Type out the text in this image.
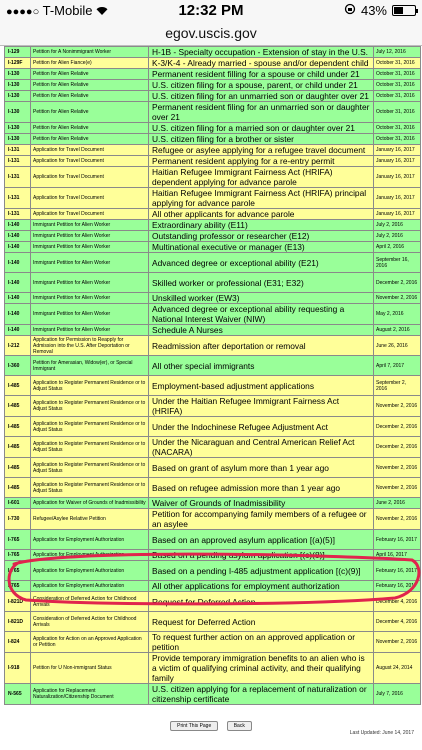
●●●●○ T-Mobile	12:32 PM	43%
egov.uscis.gov
I-129	Petition for A Nonimmigrant Worker	H-1B - Specialty occupation - Extension of stay in the U.S.	July 12, 2016
I-129F	Petition for Alien Fiance(e)	K-3/K-4 - Already married - spouse and/or dependent child	October 31, 2016
I-130	Petition for Alien Relative	Permanent resident filling for a spouse or child under 21	October 31, 2016
I-130	Petition for Alien Relative	U.S. citizen filing for a spouse, parent, or child under 21	October 31, 2016
I-130	Petition for Alien Relative	U.S. citizen filing for an unmarried son or daughter over 21	October 31, 2016
I-130	Petition for Alien Relative	Permanent resident filing for an unmarried son or daughter over 21	October 31, 2016
I-130	Petition for Alien Relative	U.S. citizen filing for a married son or daughter over 21	October 31, 2016
I-130	Petition for Alien Relative	U.S. citizen filing for a brother or sister	October 31, 2016
I-131	Application for Travel Document	Refugee or asylee applying for a refugee travel document	January 16, 2017
I-131	Application for Travel Document	Permanent resident applying for a re-entry permit	January 16, 2017
I-131	Application for Travel Document	Haitian Refugee Immigrant Fairness Act (HRIFA) dependent applying for advance parole	January 16, 2017
I-131	Application for Travel Document	Haitian Refugee Immigrant Fairness Act (HRIFA) principal applying for advance parole	January 16, 2017
I-131	Application for Travel Document	All other applicants for advance parole	January 16, 2017
I-140	Immigrant Petition for Alien Worker	Extraordinary ability (E11)	July 2, 2016
I-140	Immigrant Petition for Alien Worker	Outstanding professor or researcher (E12)	July 2, 2016
I-140	Immigrant Petition for Alien Worker	Multinational executive or manager (E13)	April 2, 2016
I-140	Immigrant Petition for Alien Worker	Advanced degree or exceptional ability (E21)	September 16, 2016
I-140	Immigrant Petition for Alien Worker	Skilled worker or professional (E31; E32)	December 2, 2016
I-140	Immigrant Petition for Alien Worker	Unskilled worker (EW3)	November 2, 2016
I-140	Immigrant Petition for Alien Worker	Advanced degree or exceptional ability requesting a National Interest Waiver (NIW)	May 2, 2016
I-140	Immigrant Petition for Alien Worker	Schedule A Nurses	August 2, 2016
I-212	Application for Permission to Reapply for Admission into the U.S. After Deportation or Removal	Readmission after deportation or removal	June 26, 2016
I-360	Petition for Amerasian, Widow(er), or Special Immigrant	All other special immigrants	April 7, 2017
I-485	Application to Register Permanent Residence or to Adjust Status	Employment-based adjustment applications	September 2, 2016
I-485	Application to Register Permanent Residence or to Adjust Status	Under the Haitian Refugee Immigrant Fairness Act (HRIFA)	November 2, 2016
I-485	Application to Register Permanent Residence or to Adjust Status	Under the Indochinese Refugee Adjustment Act	December 2, 2016
I-485	Application to Register Permanent Residence or to Adjust Status	Under the Nicaraguan and Central American Relief Act (NACARA)	December 2, 2016
I-485	Application to Register Permanent Residence or to Adjust Status	Based on grant of asylum more than 1 year ago	November 2, 2016
I-485	Application to Register Permanent Residence or to Adjust Status	Based on refugee admission more than 1 year ago	November 2, 2016
I-601	Application for Waiver of Grounds of Inadmissibility	Waiver of Grounds of Inadmissibility	June 2, 2016
I-730	Refugee/Asylee Relative Petition	Petition for accompanying family members of a refugee or an asylee	November 2, 2016
I-765	Application for Employment Authorization	Based on an approved asylum application [(a)(5)]	February 16, 2017
I-765	Application for Employment Authorization	Based on a pending asylum application [(c)(8)]	April 16, 2017
I-765	Application for Employment Authorization	Based on a pending I-485 adjustment application [(c)(9)]	February 16, 2017
I-765	Application for Employment Authorization	All other applications for employment authorization	February 16, 2017
I-821D	Consideration of Deferred Action for Childhood Arrivals	Request for Deferred Action	December 4, 2016
I-821D	Consideration of Deferred Action for Childhood Arrivals	Request for Deferred Action	December 4, 2016
I-824	Application for Action on an Approved Application or Petition	To request further action on an approved application or petition	November 2, 2016
I-918	Petition for U Non-immigrant Status	Provide temporary immigration benefits to an alien who is a victim of qualifying criminal activity, and their qualifying family	August 24, 2014
N-565	Application for Replacement Naturalization/Citizenship Document	U.S. citizen applying for a replacement of naturalization or citizenship certificate	July 7, 2016
Print This Page	Back
Last Updated: June 14, 2017
